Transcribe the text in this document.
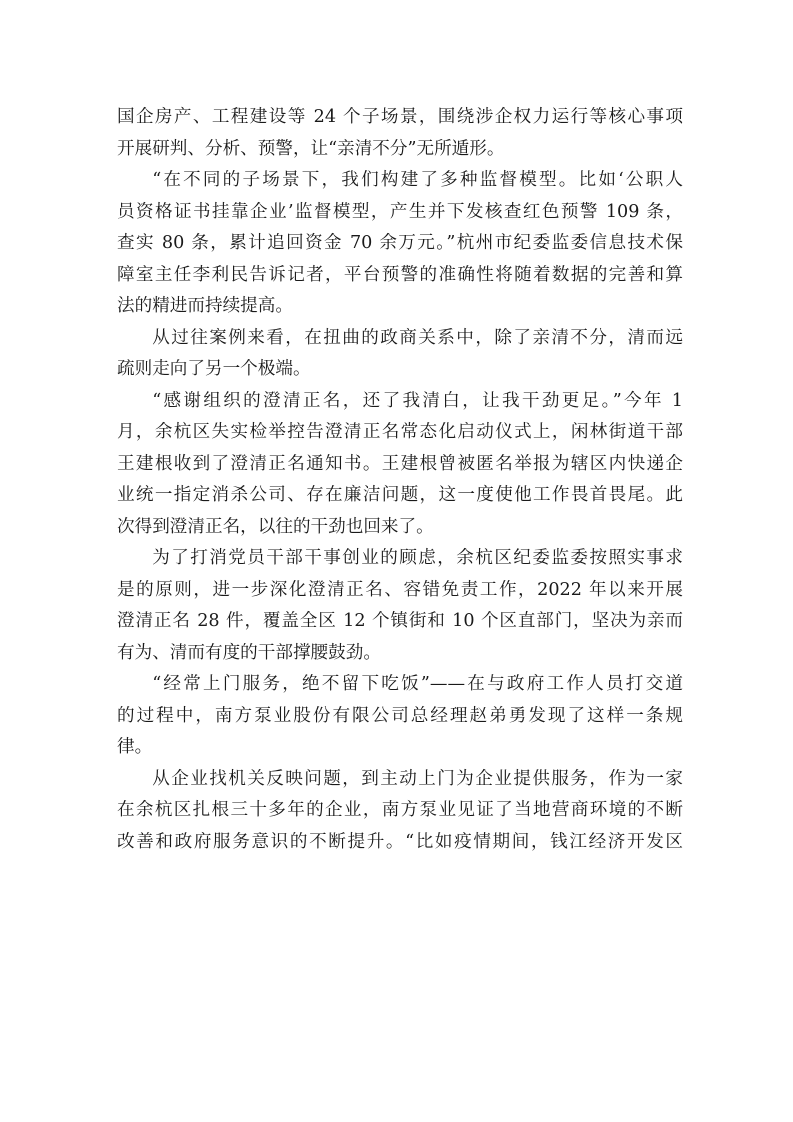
国企房产、工程建设等 24 个子场景，围绕涉企权力运行等核心事项
开展研判、分析、预警，让“亲清不分”无所遁形。

“在不同的子场景下，我们构建了多种监督模型。比如‘公职人
员资格证书挂靠企业’监督模型，产生并下发核查红色预警 109 条，
查实 80 条，累计追回资金 70 余万元。”杭州市纪委监委信息技术保
障室主任李利民告诉记者，平台预警的准确性将随着数据的完善和算
法的精进而持续提高。

从过往案例来看，在扭曲的政商关系中，除了亲清不分，清而远
疏则走向了另一个极端。

“感谢组织的澄清正名，还了我清白，让我干劲更足。”今年 1
月，余杭区失实检举控告澄清正名常态化启动仪式上，闲林街道干部
王建根收到了澄清正名通知书。王建根曾被匿名举报为辖区内快递企
业统一指定消杀公司、存在廉洁问题，这一度使他工作畏首畏尾。此
次得到澄清正名，以往的干劲也回来了。

为了打消党员干部干事创业的顾虑，余杭区纪委监委按照实事求
是的原则，进一步深化澄清正名、容错免责工作，2022 年以来开展
澄清正名 28 件，覆盖全区 12 个镇街和 10 个区直部门，坚决为亲而
有为、清而有度的干部撑腰鼓劲。

“经常上门服务，绝不留下吃饭”——在与政府工作人员打交道
的过程中，南方泵业股份有限公司总经理赵弟勇发现了这样一条规
律。

从企业找机关反映问题，到主动上门为企业提供服务，作为一家
在余杭区扎根三十多年的企业，南方泵业见证了当地营商环境的不断
改善和政府服务意识的不断提升。“比如疫情期间，钱江经济开发区
